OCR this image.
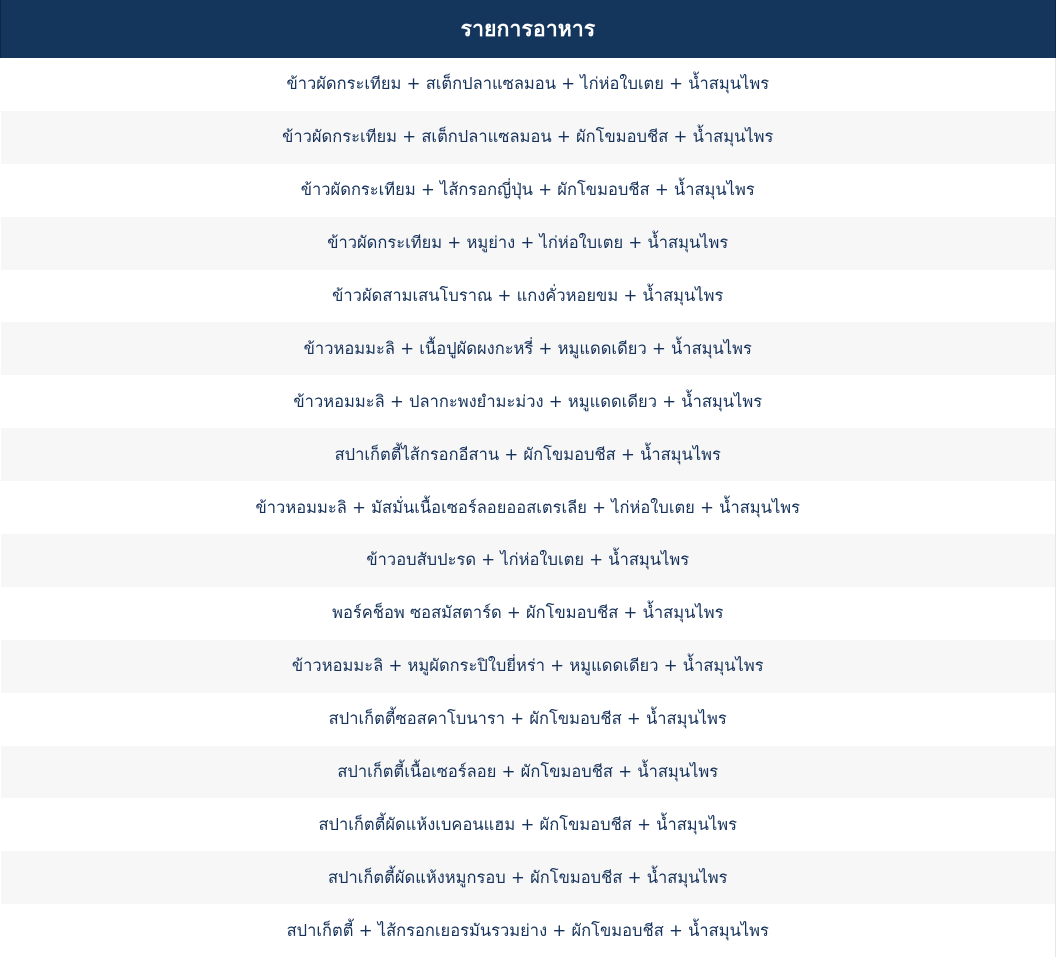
รายการอาหาร
ข้าวผัดกระเทียม + สเต็กปลาแซลมอน + ไก่ห่อใบเตย + น้ำสมุนไพร
ข้าวผัดกระเทียม + สเต็กปลาแซลมอน + ผักโขมอบชีส + น้ำสมุนไพร
ข้าวผัดกระเทียม + ไส้กรอกญี่ปุ่น + ผักโขมอบชีส + น้ำสมุนไพร
ข้าวผัดกระเทียม + หมูย่าง + ไก่ห่อใบเตย + น้ำสมุนไพร
ข้าวผัดสามเสนโบราณ + แกงคั่วหอยขม + น้ำสมุนไพร
ข้าวหอมมะลิ + เนื้อปูผัดผงกะหรี่ + หมูแดดเดียว + น้ำสมุนไพร
ข้าวหอมมะลิ + ปลากะพงยำมะม่วง + หมูแดดเดียว + น้ำสมุนไพร
สปาเก็ตตี้ไส้กรอกอีสาน + ผักโขมอบชีส + น้ำสมุนไพร
ข้าวหอมมะลิ + มัสมั่นเนื้อเซอร์ลอยออสเตรเลีย + ไก่ห่อใบเตย + น้ำสมุนไพร
ข้าวอบสับปะรด + ไก่ห่อใบเตย + น้ำสมุนไพร
พอร์คช็อพ ซอสมัสตาร์ด + ผักโขมอบชีส + น้ำสมุนไพร
ข้าวหอมมะลิ + หมูผัดกระปิใบยี่หร่า + หมูแดดเดียว + น้ำสมุนไพร
สปาเก็ตตี้ซอสคาโบนารา + ผักโขมอบชีส + น้ำสมุนไพร
สปาเก็ตตี้เนื้อเซอร์ลอย + ผักโขมอบชีส + น้ำสมุนไพร
สปาเก็ตตี้ผัดแห้งเบคอนแฮม + ผักโขมอบชีส + น้ำสมุนไพร
สปาเก็ตตี้ผัดแห้งหมูกรอบ + ผักโขมอบชีส + น้ำสมุนไพร
สปาเก็ตตี้ + ไส้กรอกเยอรมันรวมย่าง + ผักโขมอบชีส + น้ำสมุนไพร
